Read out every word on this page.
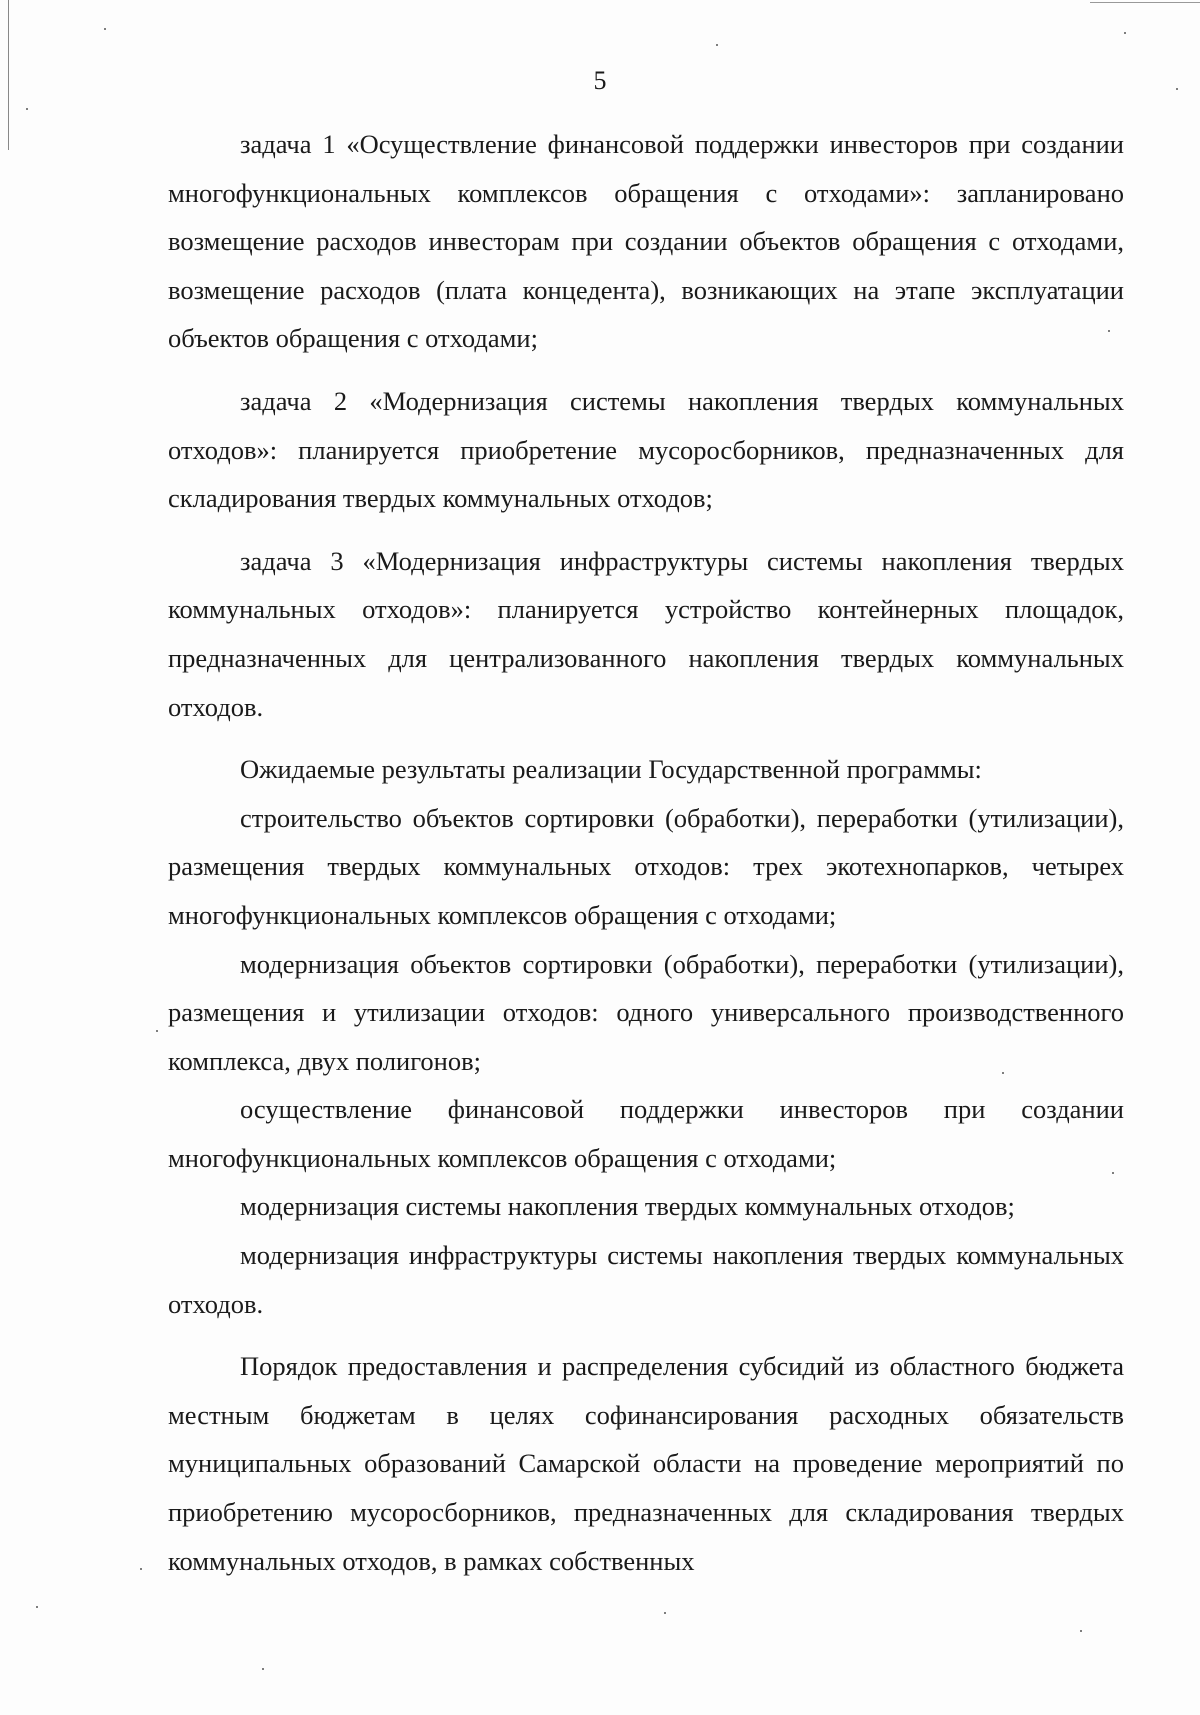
5

задача 1 «Осуществление финансовой поддержки инвесторов при создании многофункциональных комплексов обращения с отходами»: запланировано возмещение расходов инвесторам при создании объектов обращения с отходами, возмещение расходов (плата концедента), возникающих на этапе эксплуатации объектов обращения с отходами;

задача 2 «Модернизация системы накопления твердых коммунальных отходов»: планируется приобретение мусоросборников, предназначенных для складирования твердых коммунальных отходов;

задача 3 «Модернизация инфраструктуры системы накопления твердых коммунальных отходов»: планируется устройство контейнерных площадок, предназначенных для централизованного накопления твердых коммунальных отходов.

Ожидаемые результаты реализации Государственной программы:

строительство объектов сортировки (обработки), переработки (утилизации), размещения твердых коммунальных отходов: трех экотехнопарков, четырех многофункциональных комплексов обращения с отходами;

модернизация объектов сортировки (обработки), переработки (утилизации), размещения и утилизации отходов: одного универсального производственного комплекса, двух полигонов;

осуществление финансовой поддержки инвесторов при создании многофункциональных комплексов обращения с отходами;

модернизация системы накопления твердых коммунальных отходов;

модернизация инфраструктуры системы накопления твердых коммунальных отходов.

Порядок предоставления и распределения субсидий из областного бюджета местным бюджетам в целях софинансирования расходных обязательств муниципальных образований Самарской области на проведение мероприятий по приобретению мусоросборников, предназначенных для складирования твердых коммунальных отходов, в рамках собственных
